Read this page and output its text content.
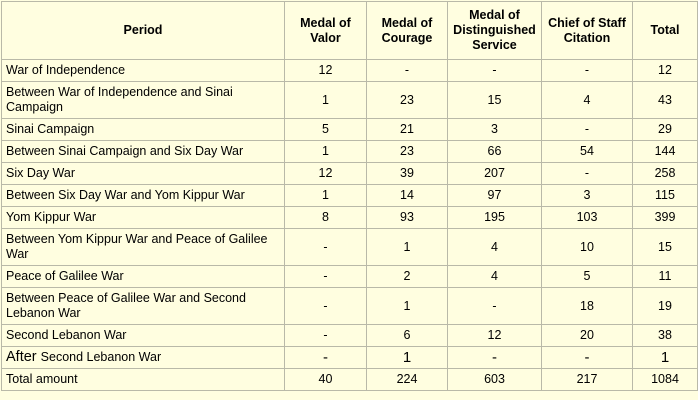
Period	Medal of Valor	Medal of Courage	Medal of Distinguished Service	Chief of Staff Citation	Total
War of Independence	12	-	-	-	12
Between War of Independence and Sinai Campaign	1	23	15	4	43
Sinai Campaign	5	21	3	-	29
Between Sinai Campaign and Six Day War	1	23	66	54	144
Six Day War	12	39	207	-	258
Between Six Day War and Yom Kippur War	1	14	97	3	115
Yom Kippur War	8	93	195	103	399
Between Yom Kippur War and Peace of Galilee War	-	1	4	10	15
Peace of Galilee War	-	2	4	5	11
Between Peace of Galilee War and Second Lebanon War	-	1	-	18	19
Second Lebanon War	-	6	12	20	38
After Second Lebanon War	-	1	-	-	1
Total amount	40	224	603	217	1084
